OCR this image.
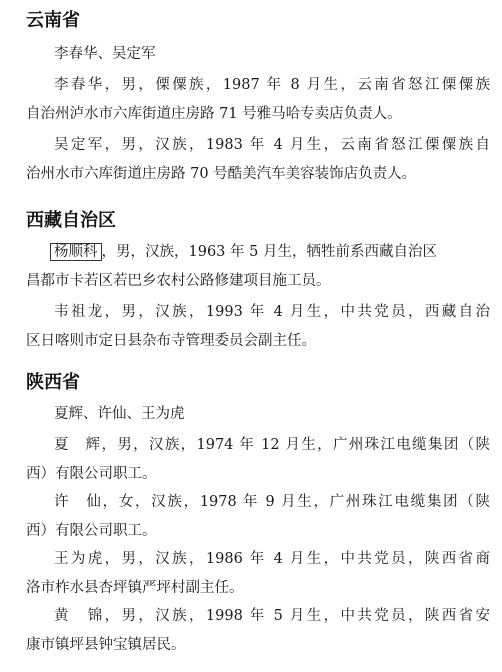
云南省
李春华、吴定军
李春华，男，傈僳族，1987 年 8 月生，云南省怒江傈僳族
自治州泸水市六库街道庄房路 71 号雅马哈专卖店负责人。
吴定军，男，汉族，1983 年 4 月生，云南省怒江傈僳族自
治州水市六库街道庄房路 70 号酷美汽车美容装饰店负责人。
西藏自治区
杨顺科 ，男，汉族，1963 年 5 月生，牺牲前系西藏自治区
昌都市卡若区若巴乡农村公路修建项目施工员。
韦祖龙，男，汉族，1993 年 4 月生，中共党员，西藏自治
区日喀则市定日县杂布寺管理委员会副主任。
陕西省
夏辉、许仙、王为虎
夏　辉，男，汉族，1974 年 12 月生，广州珠江电缆集团（陕
西）有限公司职工。
许　仙，女，汉族，1978 年 9 月生，广州珠江电缆集团（陕
西）有限公司职工。
王为虎，男，汉族，1986 年 4 月生，中共党员，陕西省商
洛市柞水县杏坪镇严坪村副主任。
黄　锦，男，汉族，1998 年 5 月生，中共党员，陕西省安
康市镇坪县钟宝镇居民。
